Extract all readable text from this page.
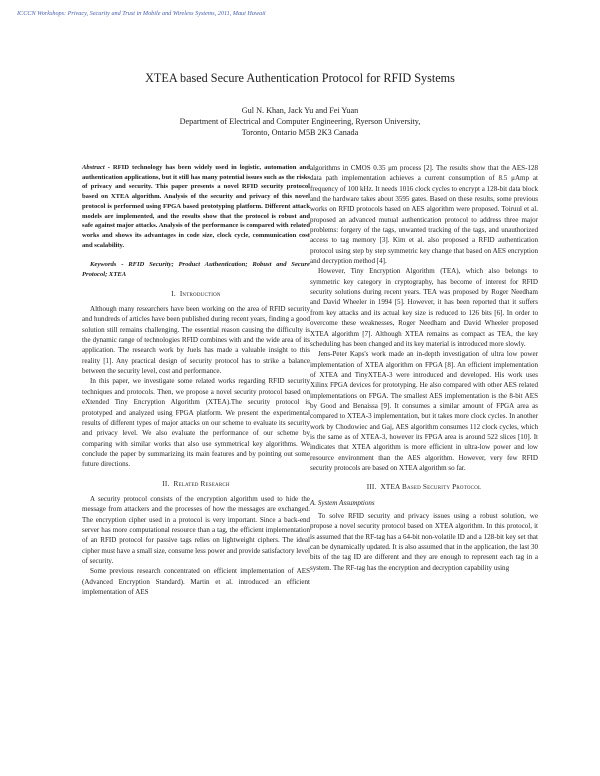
ICCCN Workshops: Privacy, Security and Trust in Mobile and Wireless Systems, 2011, Maui Hawaii
XTEA based Secure Authentication Protocol for RFID Systems
Gul N. Khan, Jack Yu and Fei Yuan
Department of Electrical and Computer Engineering, Ryerson University,
Toronto, Ontario M5B 2K3 Canada

Abstract - RFID technology has been widely used in logistic, automation and authentication applications, but it still has many potential issues such as the risks of privacy and security. This paper presents a novel RFID security protocol based on XTEA algorithm. Analysis of the security and privacy of this novel protocol is performed using FPGA based prototyping platform. Different attack models are implemented, and the results show that the protocol is robust and safe against major attacks. Analysis of the performance is compared with related works and shows its advantages in code size, clock cycle, communication cost and scalability.

Keywords - RFID Security; Product Authentication; Robust and Secure Protocol; XTEA

I. Introduction

Although many researchers have been working on the area of RFID security and hundreds of articles have been published during recent years, finding a good solution still remains challenging. The essential reason causing the difficulty is the dynamic range of technologies RFID combines with and the wide area of its application. The research work by Juels has made a valuable insight to this reality [1]. Any practical design of security protocol has to strike a balance between the security level, cost and performance.

In this paper, we investigate some related works regarding RFID security techniques and protocols. Then, we propose a novel security protocol based on eXtended Tiny Encryption Algorithm (XTEA).The security protocol is prototyped and analyzed using FPGA platform. We present the experimental results of different types of major attacks on our scheme to evaluate its security and privacy level. We also evaluate the performance of our scheme by comparing with similar works that also use symmetrical key algorithms. We conclude the paper by summarizing its main features and by pointing out some future directions.

II. Related Research

A security protocol consists of the encryption algorithm used to hide the message from attackers and the processes of how the messages are exchanged. The encryption cipher used in a protocol is very important. Since a back-end server has more computational resource than a tag, the efficient implementation of an RFID protocol for passive tags relies on lightweight ciphers. The ideal cipher must have a small size, consume less power and provide satisfactory level of security.

Some previous research concentrated on efficient implementation of AES (Advanced Encryption Standard). Martin et al. introduced an efficient implementation of AES

algorithms in CMOS 0.35 μm process [2]. The results show that the AES-128 data path implementation achieves a current consumption of 8.5 μAmp at frequency of 100 kHz. It needs 1016 clock cycles to encrypt a 128-bit data block and the hardware takes about 3595 gates. Based on these results, some previous works on RFID protocols based on AES algorithm were proposed. Toiruul et al. proposed an advanced mutual authentication protocol to address three major problems: forgery of the tags, unwanted tracking of the tags, and unauthorized access to tag memory [3]. Kim et al. also proposed a RFID authentication protocol using step by step symmetric key change that based on AES encryption and decryption method [4].

However, Tiny Encryption Algorithm (TEA), which also belongs to symmetric key category in cryptography, has become of interest for RFID security solutions during recent years. TEA was proposed by Roger Needham and David Wheeler in 1994 [5]. However, it has been reported that it suffers from key attacks and its actual key size is reduced to 126 bits [6]. In order to overcome these weaknesses, Roger Needham and David Wheeler proposed XTEA algorithm [7]. Although XTEA remains as compact as TEA, the key scheduling has been changed and its key material is introduced more slowly.

Jens-Peter Kaps's work made an in-depth investigation of ultra low power implementation of XTEA algorithm on FPGA [8]. An efficient implementation of XTEA and TinyXTEA-3 were introduced and developed. His work uses Xilinx FPGA devices for prototyping. He also compared with other AES related implementations on FPGA. The smallest AES implementation is the 8-bit AES by Good and Benaissa [9]. It consumes a similar amount of FPGA area as compared to XTEA-3 implementation, but it takes more clock cycles. In another work by Chodowiec and Gaj, AES algorithm consumes 112 clock cycles, which is the same as of XTEA-3, however its FPGA area is around 522 slices [10]. It indicates that XTEA algorithm is more efficient in ultra-low power and low resource environment than the AES algorithm. However, very few RFID security protocols are based on XTEA algorithm so far.

III. XTEA Based Security Protocol
A. System Assumptions

To solve RFID security and privacy issues using a robust solution, we propose a novel security protocol based on XTEA algorithm. In this protocol, it is assumed that the RF-tag has a 64-bit non-volatile ID and a 128-bit key set that can be dynamically updated. It is also assumed that in the application, the last 30 bits of the tag ID are different and they are enough to represent each tag in a system. The RF-tag has the encryption and decryption capability using
